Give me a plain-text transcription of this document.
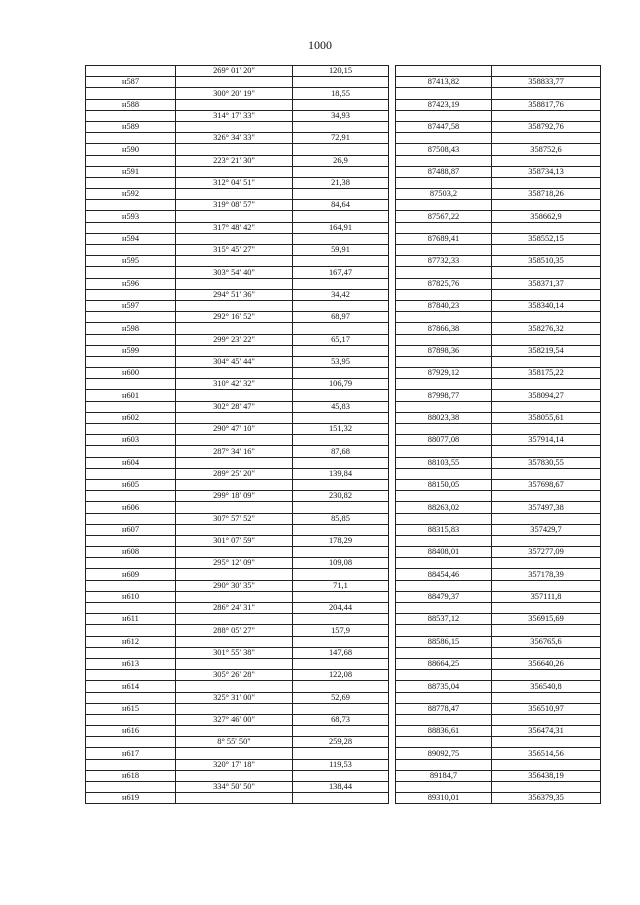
1000
	269° 01' 20"	120,15			
н587				87413,82	358833,77
	300° 20' 19"	18,55			
н588				87423,19	358817,76
	314° 17' 33"	34,93			
н589				87447,58	358792,76
	326° 34' 33"	72,91			
н590				87508,43	358752,6
	223° 21' 30"	26,9			
н591				87488,87	358734,13
	312° 04' 51"	21,38			
н592				87503,2	358718,26
	319° 08' 57"	84,64			
н593				87567,22	358662,9
	317° 48' 42"	164,91			
н594				87689,41	358552,15
	315° 45' 27"	59,91			
н595				87732,33	358510,35
	303° 54' 40"	167,47			
н596				87825,76	358371,37
	294° 51' 36"	34,42			
н597				87840,23	358340,14
	292° 16' 52"	68,97			
н598				87866,38	358276,32
	299° 23' 22"	65,17			
н599				87898,36	358219,54
	304° 45' 44"	53,95			
н600				87929,12	358175,22
	310° 42' 32"	106,79			
н601				87998,77	358094,27
	302° 28' 47"	45,83			
н602				88023,38	358055,61
	290° 47' 10"	151,32			
н603				88077,08	357914,14
	287° 34' 16"	87,68			
н604				88103,55	357830,55
	289° 25' 20"	139,84			
н605				88150,05	357698,67
	299° 18' 09"	230,82			
н606				88263,02	357497,38
	307° 57' 52"	85,85			
н607				88315,83	357429,7
	301° 07' 59"	178,29			
н608				88408,01	357277,09
	295° 12' 09"	109,08			
н609				88454,46	357178,39
	290° 30' 35"	71,1			
н610				88479,37	357111,8
	286° 24' 31"	204,44			
н611				88537,12	356915,69
	288° 05' 27"	157,9			
н612				88586,15	356765,6
	301° 55' 38"	147,68			
н613				88664,25	356640,26
	305° 26' 28"	122,08			
н614				88735,04	356540,8
	325° 31' 00"	52,69			
н615				88778,47	356510,97
	327° 46' 00"	68,73			
н616				88836,61	356474,31
	8° 55' 50"	259,28			
н617				89092,75	356514,56
	320° 17' 18"	119,53			
н618				89184,7	356438,19
	334° 50' 50"	138,44			
н619				89310,01	356379,35
